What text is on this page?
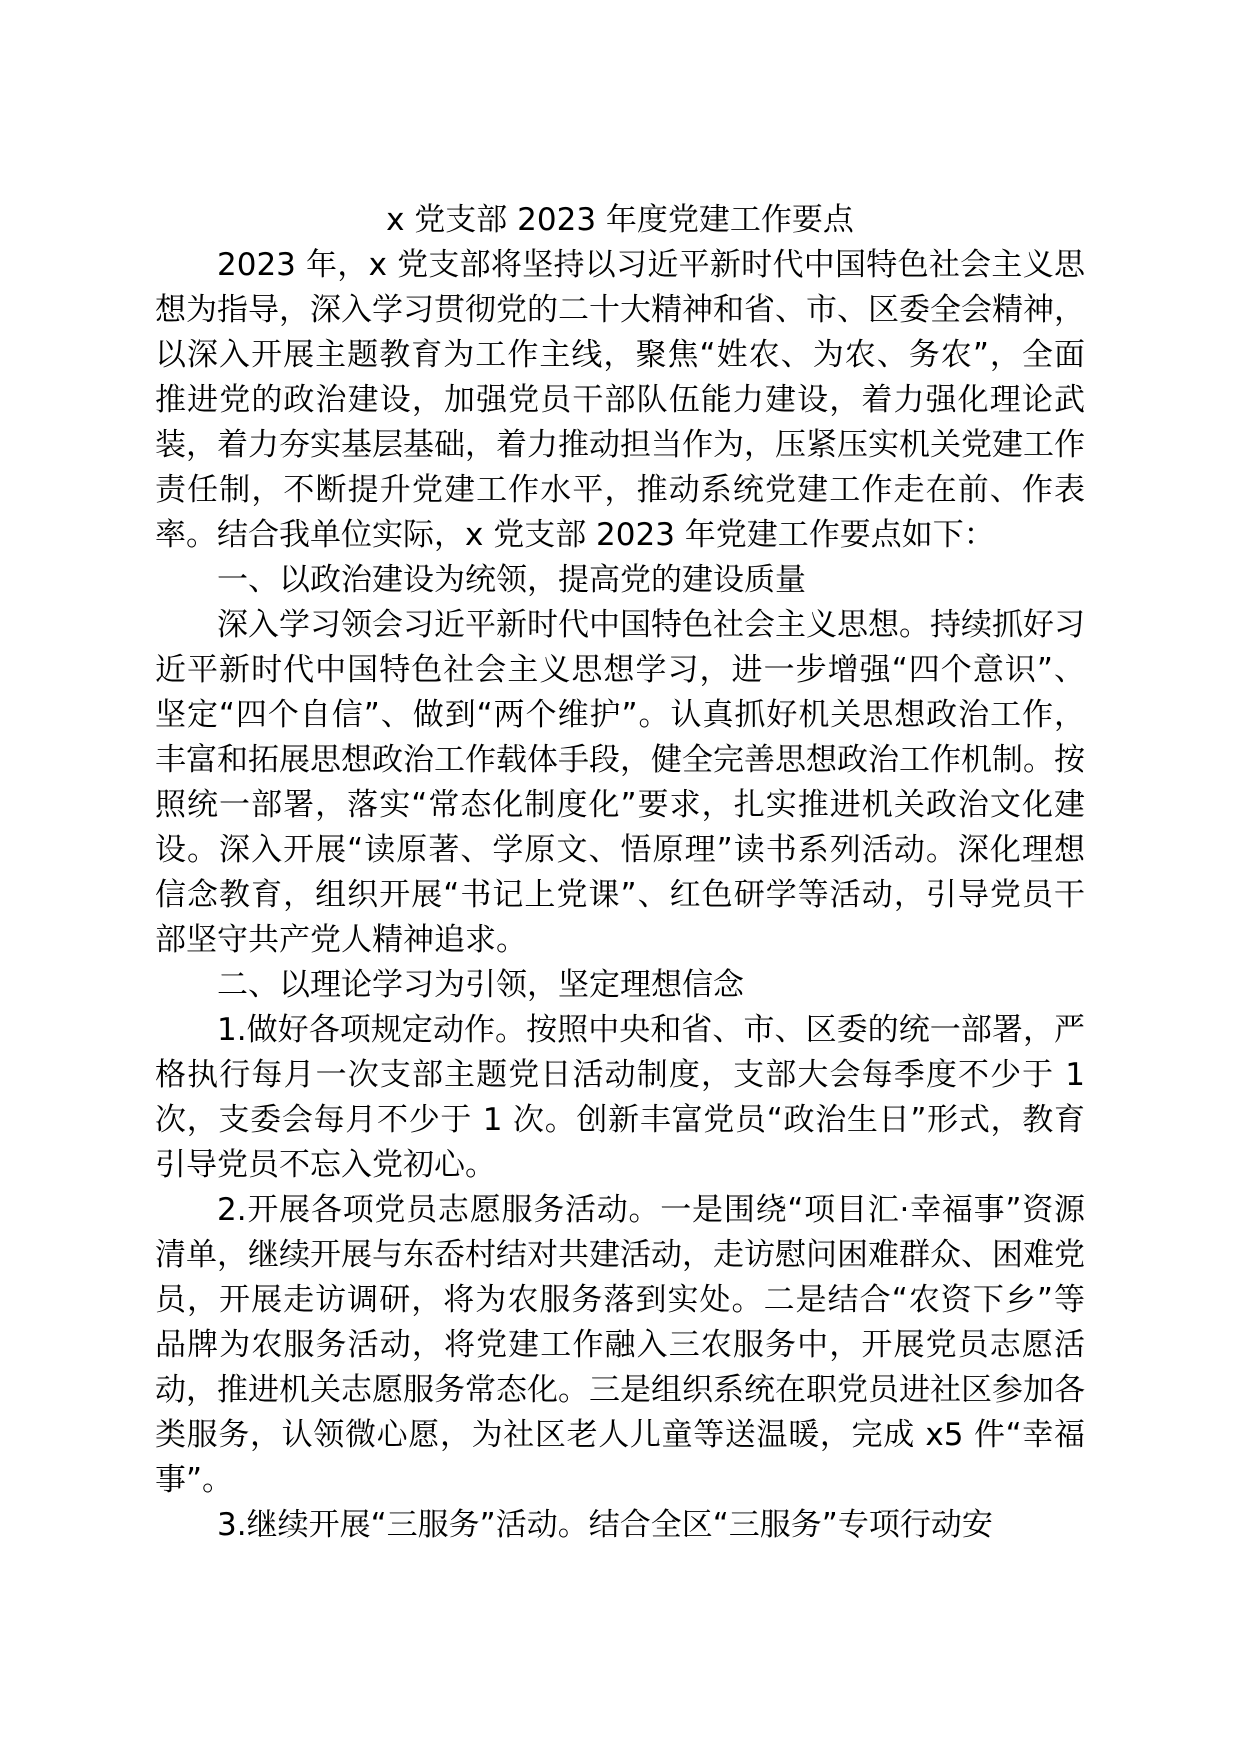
x 党支部 2023 年度党建工作要点

2023 年，x 党支部将坚持以习近平新时代中国特色社会主义思想为指导，深入学习贯彻党的二十大精神和省、市、区委全会精神，以深入开展主题教育为工作主线，聚焦“姓农、为农、务农”，全面推进党的政治建设，加强党员干部队伍能力建设，着力强化理论武装，着力夯实基层基础，着力推动担当作为，压紧压实机关党建工作责任制，不断提升党建工作水平，推动系统党建工作走在前、作表率。结合我单位实际，x 党支部 2023 年党建工作要点如下：

一、以政治建设为统领，提高党的建设质量

深入学习领会习近平新时代中国特色社会主义思想。持续抓好习近平新时代中国特色社会主义思想学习，进一步增强“四个意识”、坚定“四个自信”、做到“两个维护”。认真抓好机关思想政治工作，丰富和拓展思想政治工作载体手段，健全完善思想政治工作机制。按照统一部署，落实“常态化制度化”要求，扎实推进机关政治文化建设。深入开展“读原著、学原文、悟原理”读书系列活动。深化理想信念教育，组织开展“书记上党课”、红色研学等活动，引导党员干部坚守共产党人精神追求。

二、以理论学习为引领，坚定理想信念

1.做好各项规定动作。按照中央和省、市、区委的统一部署，严格执行每月一次支部主题党日活动制度，支部大会每季度不少于 1 次，支委会每月不少于 1 次。创新丰富党员“政治生日”形式，教育引导党员不忘入党初心。

2.开展各项党员志愿服务活动。一是围绕“项目汇·幸福事”资源清单，继续开展与东岙村结对共建活动，走访慰问困难群众、困难党员，开展走访调研，将为农服务落到实处。二是结合“农资下乡”等品牌为农服务活动，将党建工作融入三农服务中，开展党员志愿活动，推进机关志愿服务常态化。三是组织系统在职党员进社区参加各类服务，认领微心愿，为社区老人儿童等送温暖，完成 x5 件“幸福事”。

3.继续开展“三服务”活动。结合全区“三服务”专项行动安
